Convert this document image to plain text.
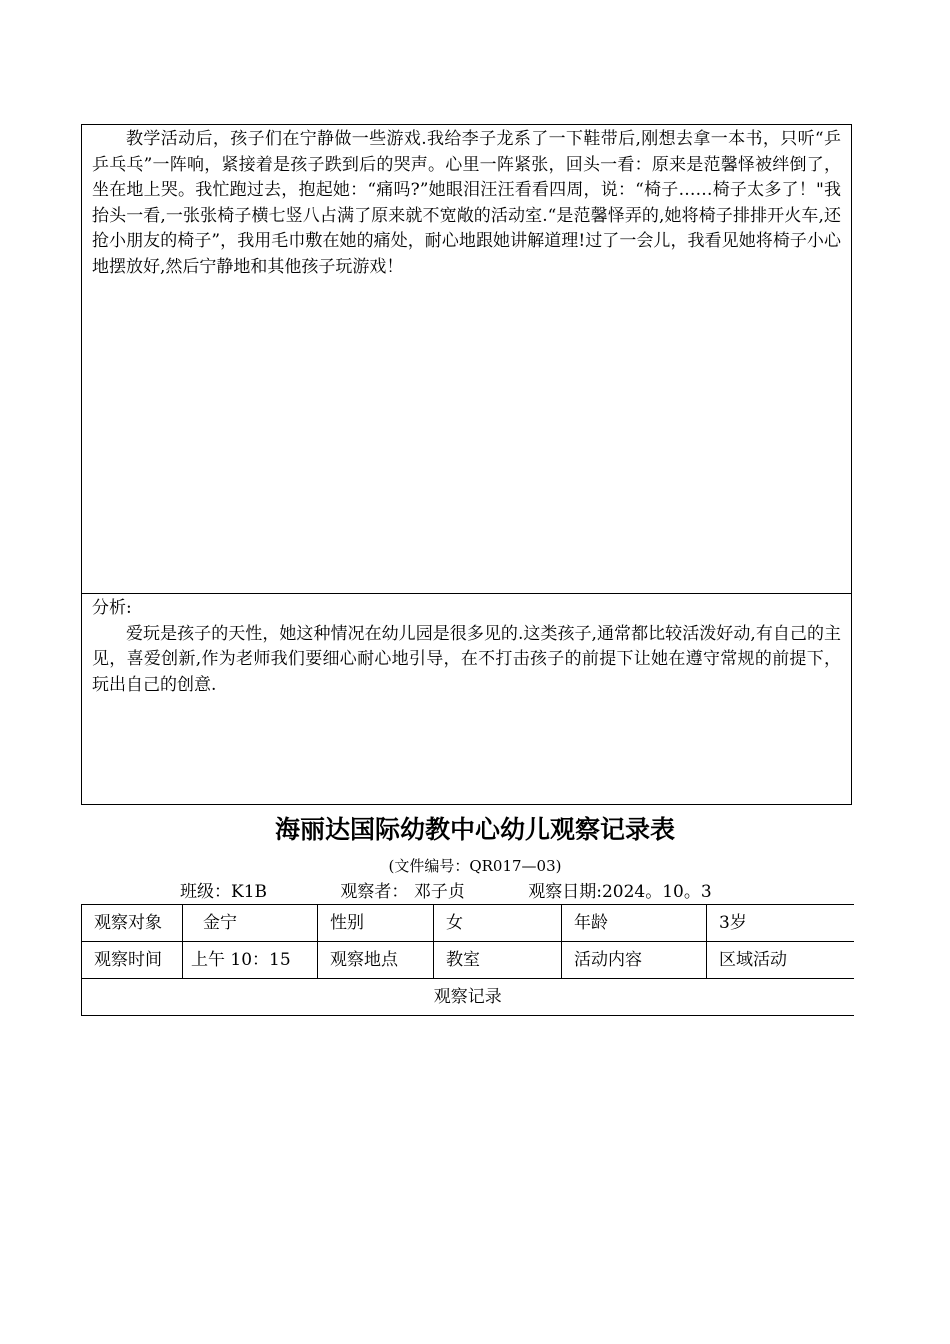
教学活动后，孩子们在宁静做一些游戏.我给李子龙系了一下鞋带后,刚想去拿一本书，只听“乒乒乓乓”一阵响，紧接着是孩子跌到后的哭声。心里一阵紧张，回头一看：原来是范馨怿被绊倒了，坐在地上哭。我忙跑过去，抱起她：“痛吗?”她眼泪汪汪看看四周，说：“椅子……椅子太多了！"我抬头一看,一张张椅子横七竖八占满了原来就不宽敞的活动室.“是范馨怿弄的,她将椅子排排开火车,还抢小朋友的椅子”，我用毛巾敷在她的痛处，耐心地跟她讲解道理!过了一会儿，我看见她将椅子小心地摆放好,然后宁静地和其他孩子玩游戏！

分析:

爱玩是孩子的天性，她这种情况在幼儿园是很多见的.这类孩子,通常都比较活泼好动,有自己的主见，喜爱创新,作为老师我们要细心耐心地引导，在不打击孩子的前提下让她在遵守常规的前提下，玩出自己的创意.

海丽达国际幼教中心幼儿观察记录表
(文件编号：QR017—03)
班级：K1B	观察者： 邓子贞	观察日期:2024。10。3
观察对象	金宁	性别	女	年龄	3岁
观察时间	上午 10：15	观察地点	教室	活动内容	区域活动
观察记录					
